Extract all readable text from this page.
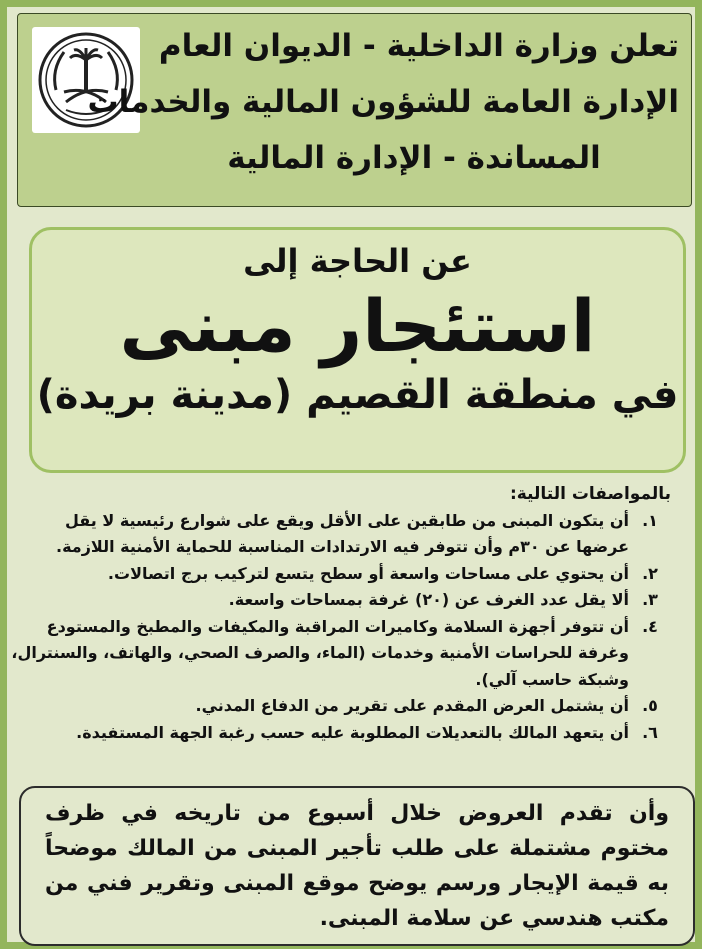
تعلن وزارة الداخلية - الديوان العام
الإدارة العامة للشؤون المالية والخدمات
المساندة - الإدارة المالية
عن الحاجة إلى
استئجار مبنى
في منطقة القصيم (مدينة بريدة)
بالمواصفات التالية:
١.
أن يتكون المبنى من طابقين على الأقل ويقع على شوارع رئيسية لا يقل عرضها عن ٣٠م وأن تتوفر فيه الارتدادات المناسبة للحماية الأمنية اللازمة.
٢.
أن يحتوي على مساحات واسعة أو سطح يتسع لتركيب برج اتصالات.
٣.
ألا يقل عدد الغرف عن (٢٠) غرفة بمساحات واسعة.
٤.
أن تتوفر أجهزة السلامة وكاميرات المراقبة والمكيفات والمطبخ والمستودع وغرفة للحراسات الأمنية وخدمات (الماء، والصرف الصحي، والهاتف، والسنترال، وشبكة حاسب آلي).
٥.
أن يشتمل العرض المقدم على تقرير من الدفاع المدني.
٦.
أن يتعهد المالك بالتعديلات المطلوبة عليه حسب رغبة الجهة المستفيدة.
وأن تقدم العروض خلال أسبوع من تاريخه في ظرف مختوم مشتملة على طلب تأجير المبنى من المالك موضحاً به قيمة الإيجار ورسم يوضح موقع المبنى وتقرير فني من مكتب هندسي عن سلامة المبنى.
